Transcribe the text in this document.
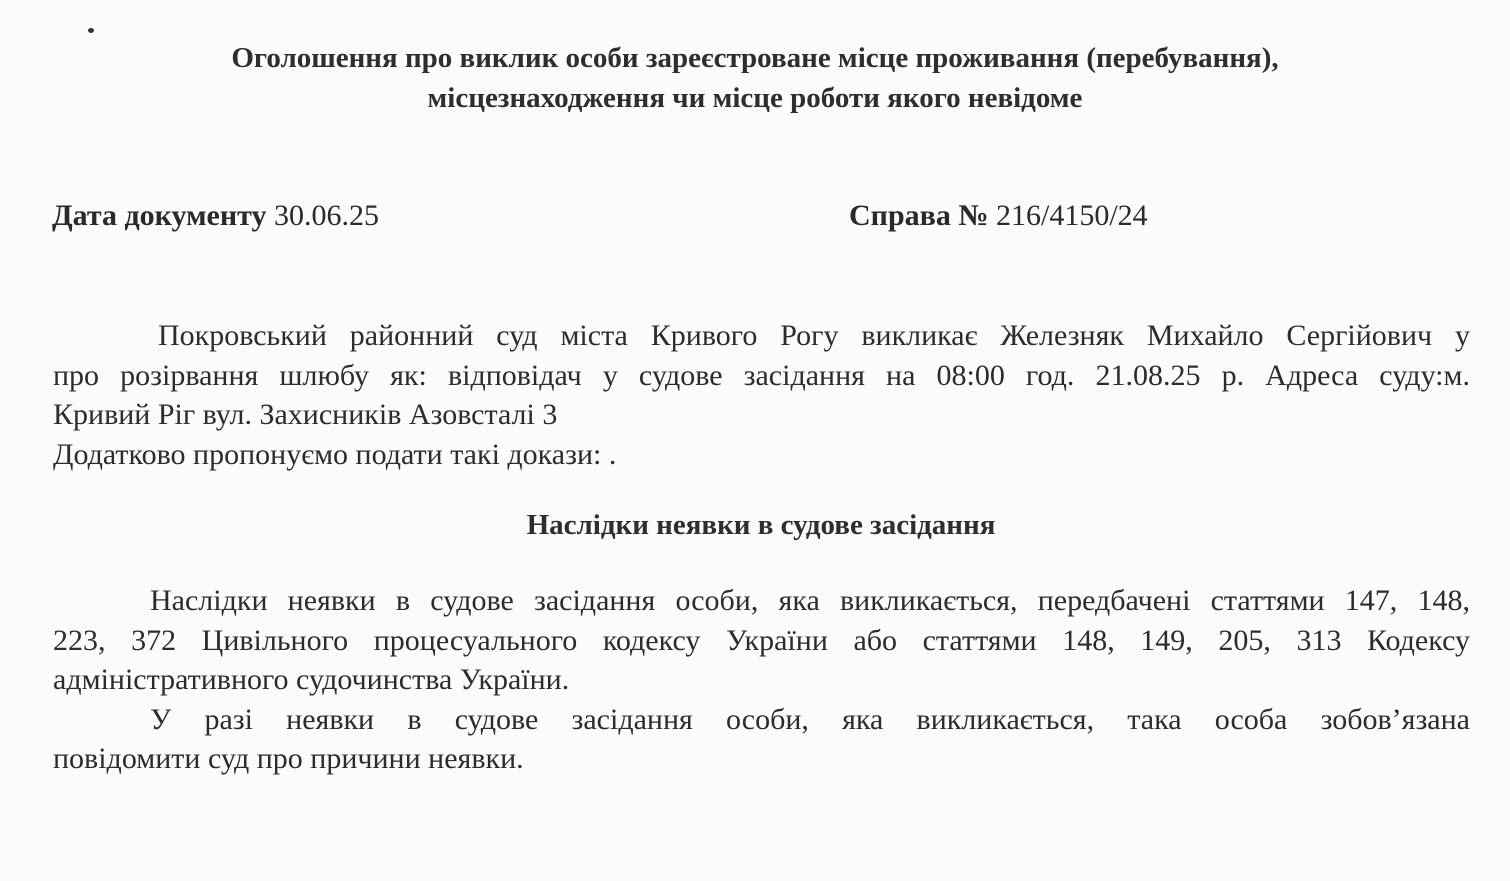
Оголошення про виклик особи зареєстроване місце проживання (перебування),
місцезнаходження чи місце роботи якого невідоме
Дата документу 30.06.25	Справа № 216/4150/24
Покровський районний суд міста Кривого Рогу викликає Железняк Михайло Сергійович у
про розірвання шлюбу як: відповідач у судове засідання на 08:00 год. 21.08.25 р. Адреса суду:м.
Кривий Ріг вул. Захисників Азовсталі 3
Додатково пропонуємо подати такі докази: .
Наслідки неявки в судове засідання
Наслідки неявки в судове засідання особи, яка викликається, передбачені статтями 147, 148,
223, 372 Цивільного процесуального кодексу України або статтями 148, 149, 205, 313 Кодексу
адміністративного судочинства України.
У разі неявки в судове засідання особи, яка викликається, така особа зобов’язана
повідомити суд про причини неявки.
